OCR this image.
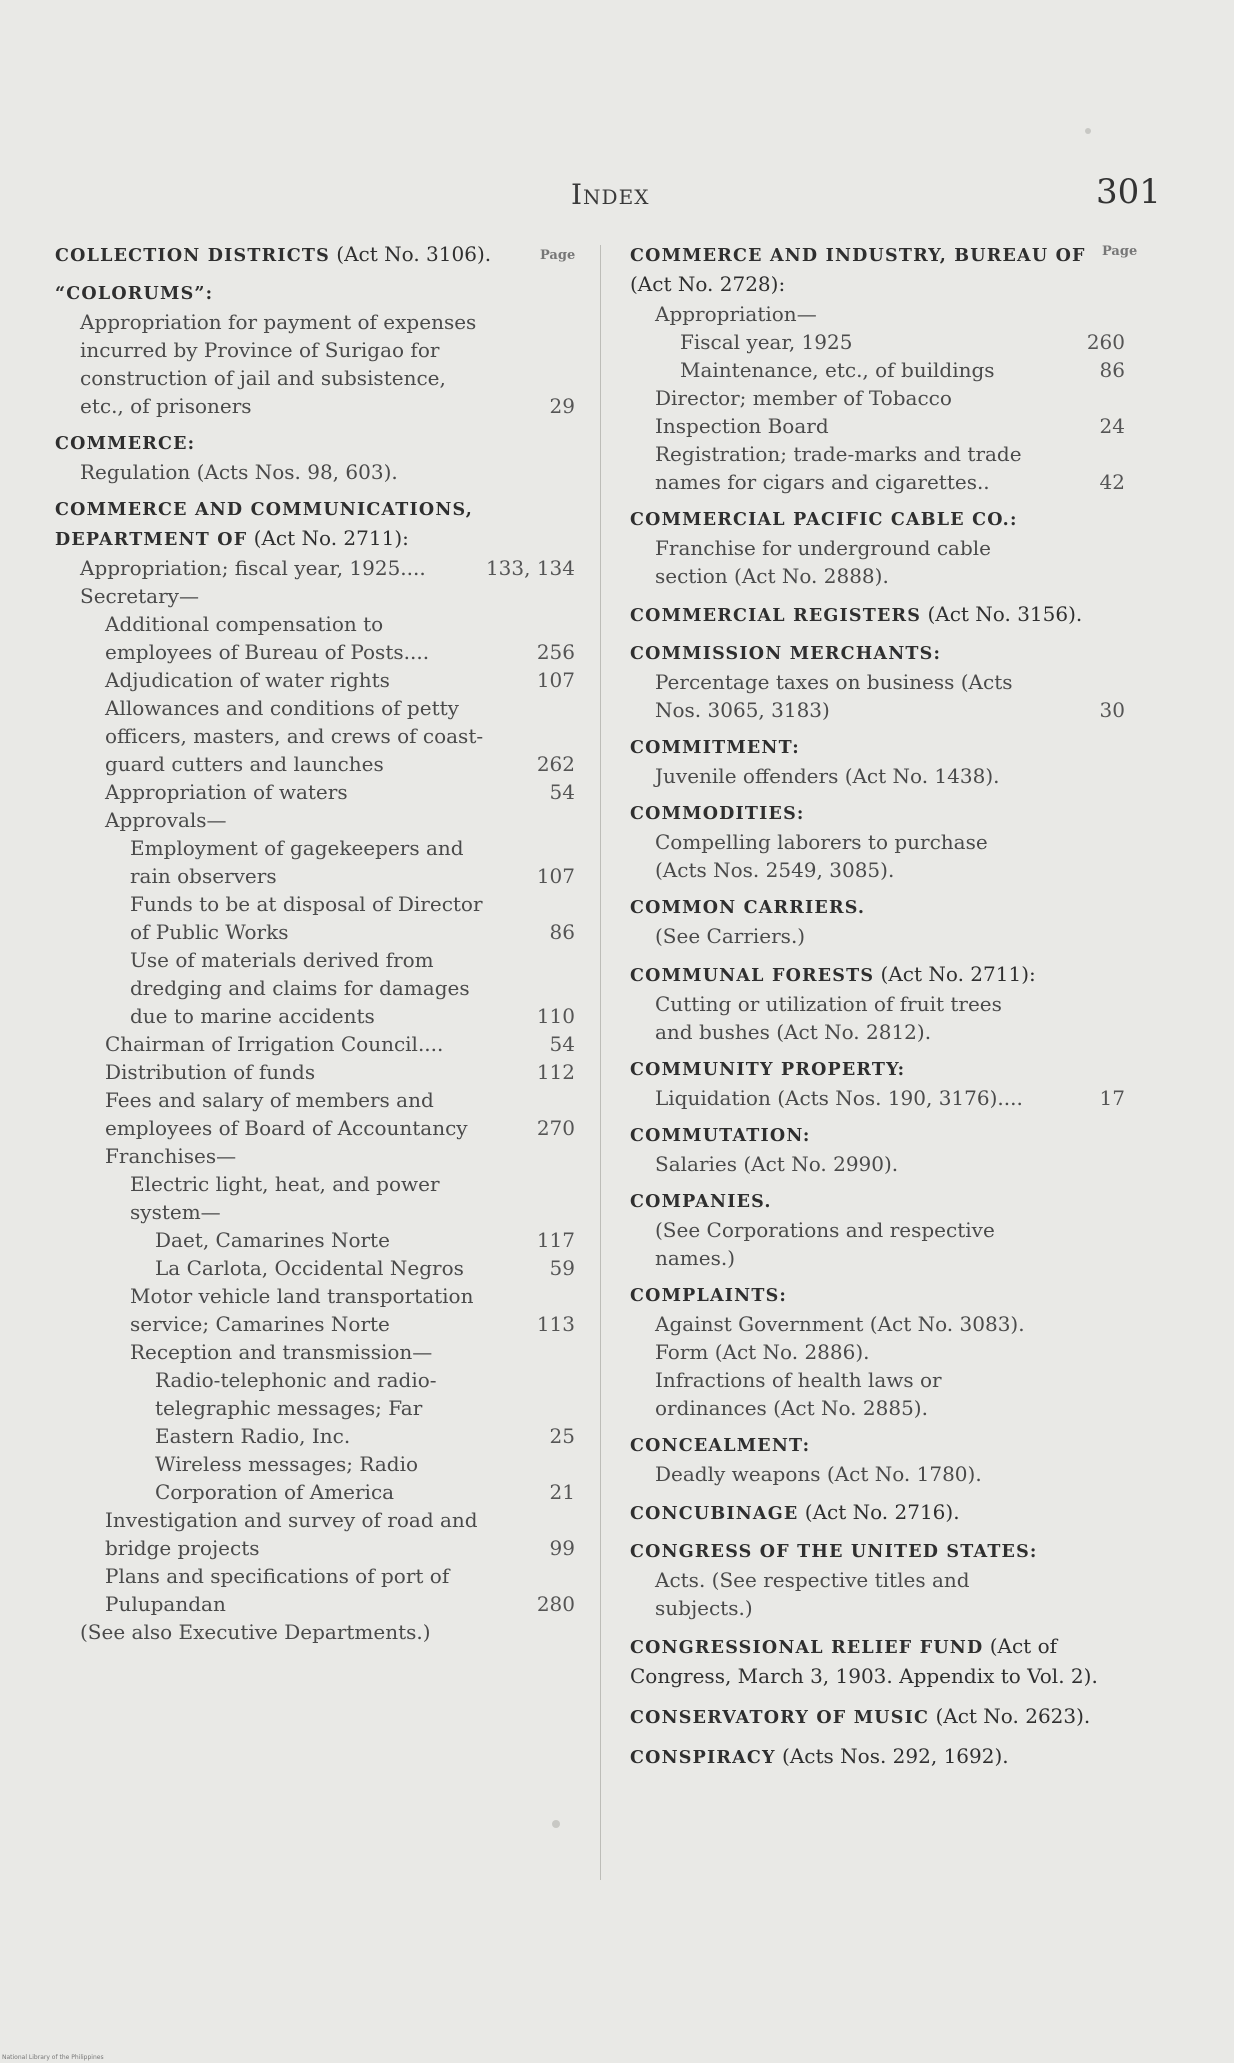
Index	301
Page	Page
COLLECTION DISTRICTS (Act No. 3106).
“COLORUMS”:
Appropriation for payment of expenses incurred by Province of Surigao for construction of jail and subsistence, etc., of prisoners	29
COMMERCE:
Regulation (Acts Nos. 98, 603).
COMMERCE AND COMMUNICATIONS, DEPARTMENT OF (Act No. 2711):
Appropriation; fiscal year, 1925....	133, 134
Secretary—
Additional compensation to employees of Bureau of Posts....	256
Adjudication of water rights	107
Allowances and conditions of petty officers, masters, and crews of coast-guard cutters and launches	262
Appropriation of waters	54
Approvals—
Employment of gagekeepers and rain observers	107
Funds to be at disposal of Director of Public Works	86
Use of materials derived from dredging and claims for damages due to marine accidents	110
Chairman of Irrigation Council....	54
Distribution of funds	112
Fees and salary of members and employees of Board of Accountancy	270
Franchises—
Electric light, heat, and power system—
Daet, Camarines Norte	117
La Carlota, Occidental Negros	59
Motor vehicle land transportation service; Camarines Norte	113
Reception and transmission—
Radio-telephonic and radio-telegraphic messages; Far Eastern Radio, Inc.	25
Wireless messages; Radio Corporation of America	21
Investigation and survey of road and bridge projects	99
Plans and specifications of port of Pulupandan	280
(See also Executive Departments.)
COMMERCE AND INDUSTRY, BUREAU OF (Act No. 2728):
Appropriation—
Fiscal year, 1925	260
Maintenance, etc., of buildings	86
Director; member of Tobacco Inspection Board	24
Registration; trade-marks and trade names for cigars and cigarettes..	42
COMMERCIAL PACIFIC CABLE CO.:
Franchise for underground cable section (Act No. 2888).
COMMERCIAL REGISTERS (Act No. 3156).
COMMISSION MERCHANTS:
Percentage taxes on business (Acts Nos. 3065, 3183)	30
COMMITMENT:
Juvenile offenders (Act No. 1438).
COMMODITIES:
Compelling laborers to purchase (Acts Nos. 2549, 3085).
COMMON CARRIERS.
(See Carriers.)
COMMUNAL FORESTS (Act No. 2711):
Cutting or utilization of fruit trees and bushes (Act No. 2812).
COMMUNITY PROPERTY:
Liquidation (Acts Nos. 190, 3176)....	17
COMMUTATION:
Salaries (Act No. 2990).
COMPANIES.
(See Corporations and respective names.)
COMPLAINTS:
Against Government (Act No. 3083).
Form (Act No. 2886).
Infractions of health laws or ordinances (Act No. 2885).
CONCEALMENT:
Deadly weapons (Act No. 1780).
CONCUBINAGE (Act No. 2716).
CONGRESS OF THE UNITED STATES:
Acts. (See respective titles and subjects.)
CONGRESSIONAL RELIEF FUND (Act of Congress, March 3, 1903. Appendix to Vol. 2).
CONSERVATORY OF MUSIC (Act No. 2623).
CONSPIRACY (Acts Nos. 292, 1692).
National Library of the Philippines
